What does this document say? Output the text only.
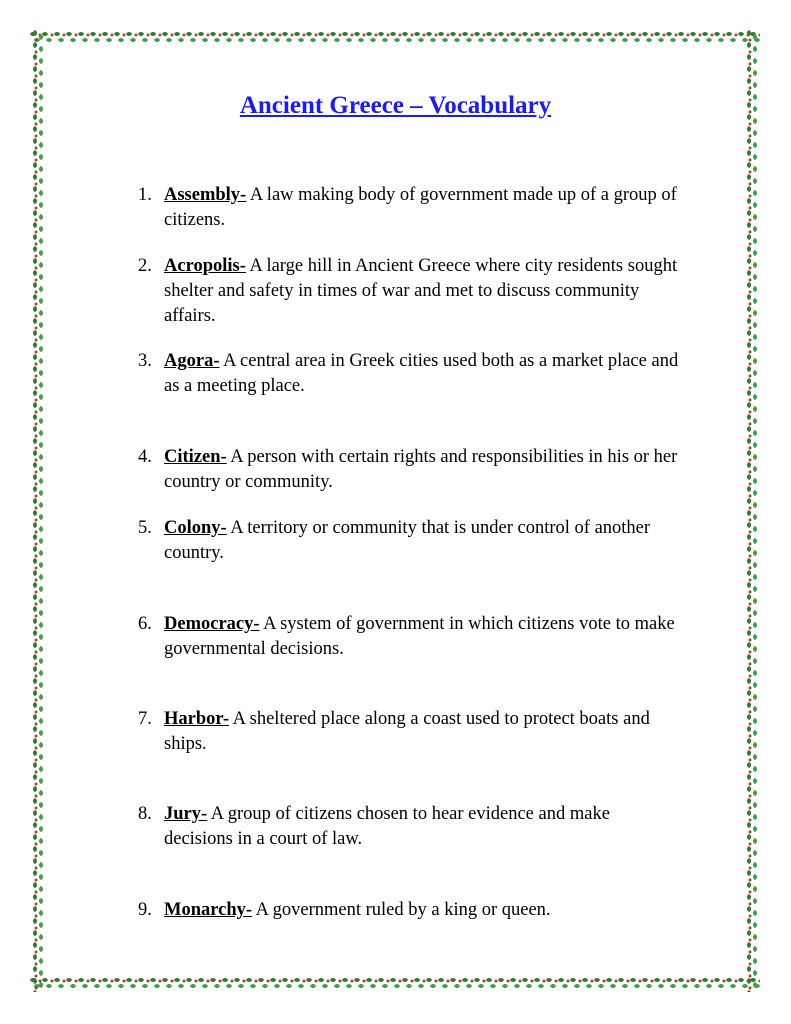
Ancient Greece – Vocabulary
1. Assembly- A law making body of government made up of a group of citizens.
2. Acropolis- A large hill in Ancient Greece where city residents sought shelter and safety in times of war and met to discuss community affairs.
3. Agora- A central area in Greek cities used both as a market place and as a meeting place.
4. Citizen- A person with certain rights and responsibilities in his or her country or community.
5. Colony- A territory or community that is under control of another country.
6. Democracy- A system of government in which citizens vote to make governmental decisions.
7. Harbor- A sheltered place along a coast used to protect boats and ships.
8. Jury- A group of citizens chosen to hear evidence and make decisions in a court of law.
9. Monarchy- A government ruled by a king or queen.
